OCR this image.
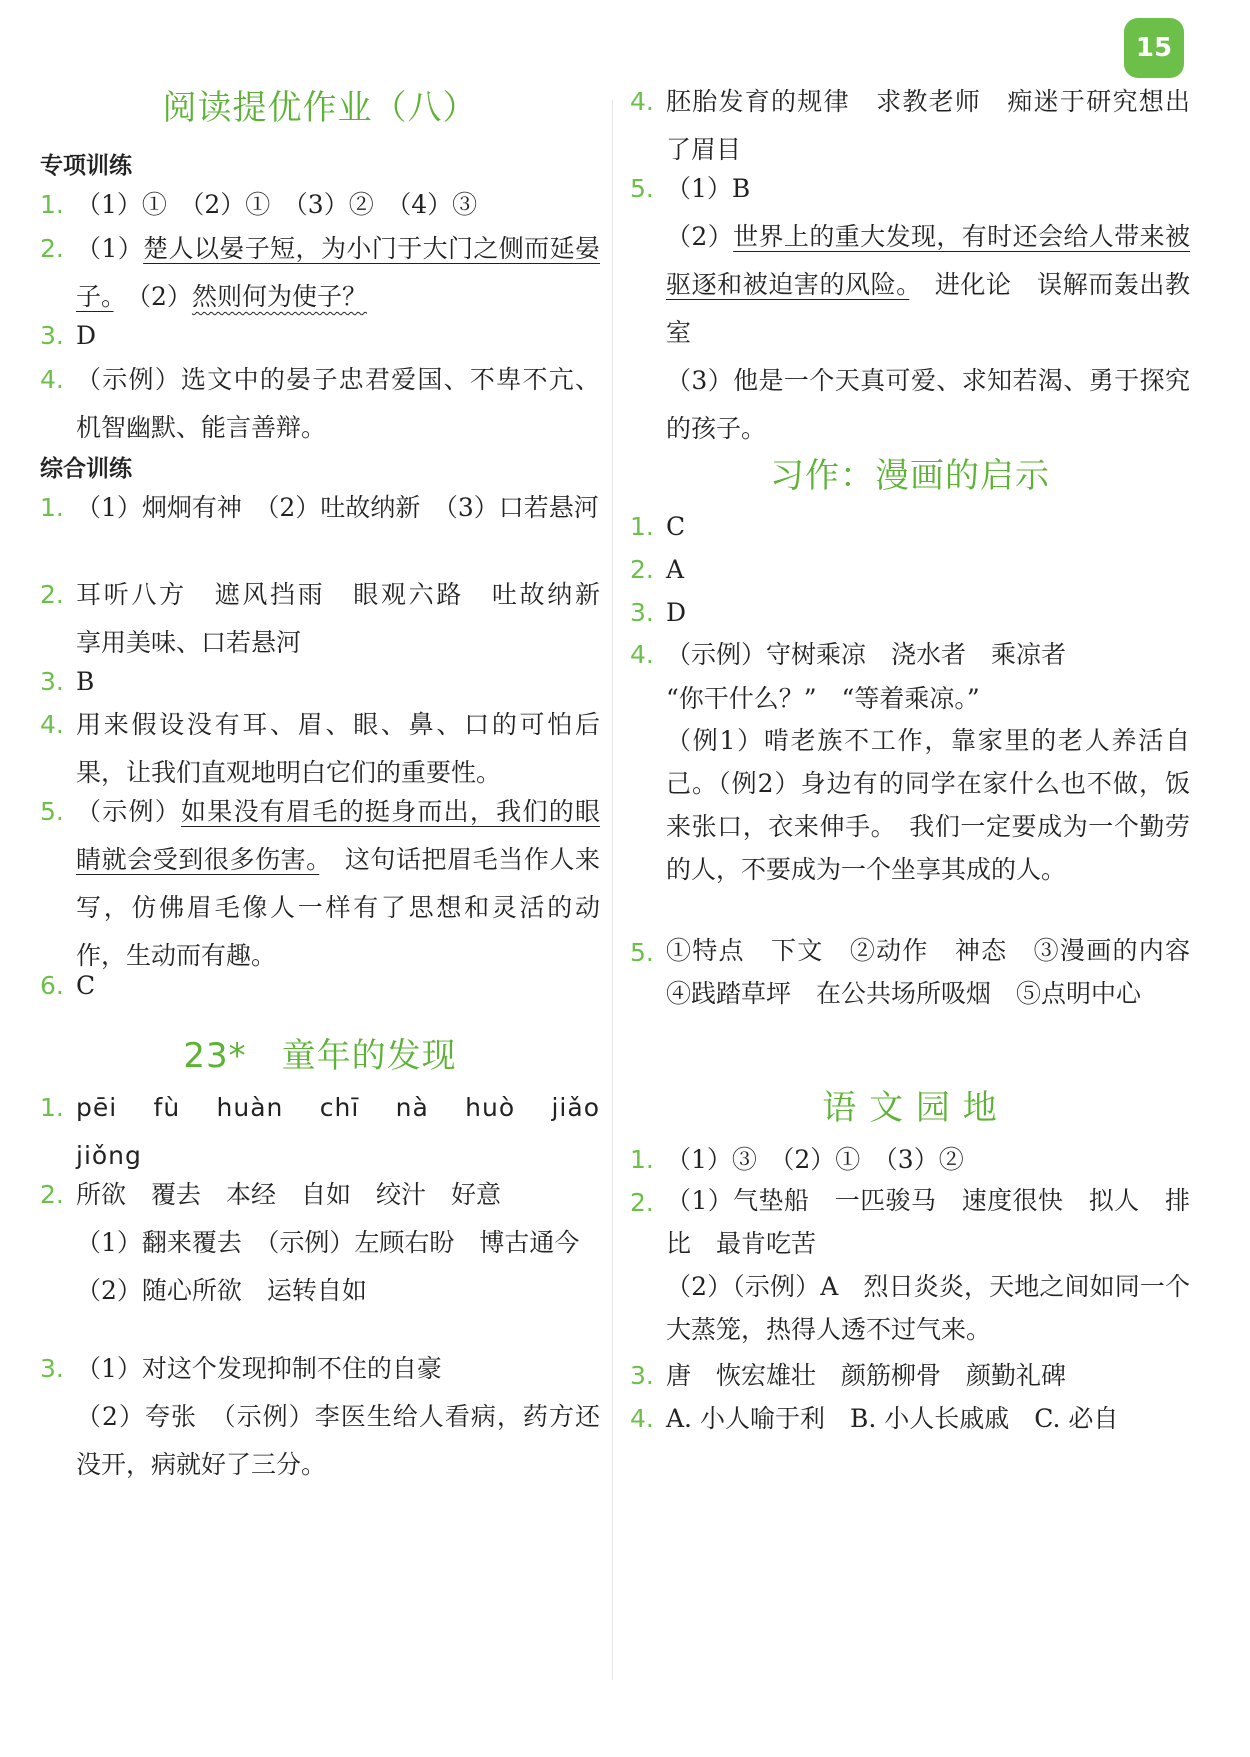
15
阅读提优作业（八）
专项训练
1. （1）①　（2）①　（3）②　（4）③
2. （1）楚人以晏子短，为小门于大门之侧而延晏子。　 （2）然则何为使子？
3. D
4. （示例）选文中的晏子忠君爱国、不卑不亢、机智幽默、能言善辩。
综合训练
1. （1）炯炯有神　（2）吐故纳新　（3）口若悬河
2. 耳听八方　遮风挡雨　眼观六路　吐故纳新　享用美味、口若悬河
3. B
4. 用来假设没有耳、眉、眼、鼻、口的可怕后果，让我们直观地明白它们的重要性。
5. （示例）如果没有眉毛的挺身而出，我们的眼睛就会受到很多伤害。　这句话把眉毛当作人来写，仿佛眉毛像人一样有了思想和灵活的动作，生动而有趣。
6. C
23*　童年的发现
1. pēi　fù　huàn　chī　nà　huò　jiǎo　jiǒng
2. 所欲　覆去　本经　自如　绞汁　好意
（1）翻来覆去　（示例）左顾右盼　博古通今
（2）随心所欲　运转自如
3. （1）对这个发现抑制不住的自豪
（2）夸张　（示例）李医生给人看病，药方还没开，病就好了三分。
4. 胚胎发育的规律　求教老师　痴迷于研究想出了眉目
5. （1）B
（2）世界上的重大发现，有时还会给人带来被驱逐和被迫害的风险。　进化论　误解而轰出教室
（3）他是一个天真可爱、求知若渴、勇于探究的孩子。
习作：漫画的启示
1. C
2. A
3. D
4. （示例）守树乘凉　浇水者　乘凉者
“你干什么？”　“等着乘凉。”
（例1）啃老族不工作，靠家里的老人养活自己。（例2）身边有的同学在家什么也不做，饭来张口，衣来伸手。　我们一定要成为一个勤劳的人，不要成为一个坐享其成的人。
5. ①特点　下文　②动作　神态　③漫画的内容　④践踏草坪　在公共场所吸烟　⑤点明中心
语 文 园 地
1. （1）③　（2）①　（3）②
2. （1）气垫船　一匹骏马　速度很快　拟人　排比　最肯吃苦
（2）（示例）A　烈日炎炎，天地之间如同一个大蒸笼，热得人透不过气来。
3. 唐　恢宏雄壮　颜筋柳骨　颜勤礼碑
4. A. 小人喻于利　B. 小人长戚戚　C. 必自
